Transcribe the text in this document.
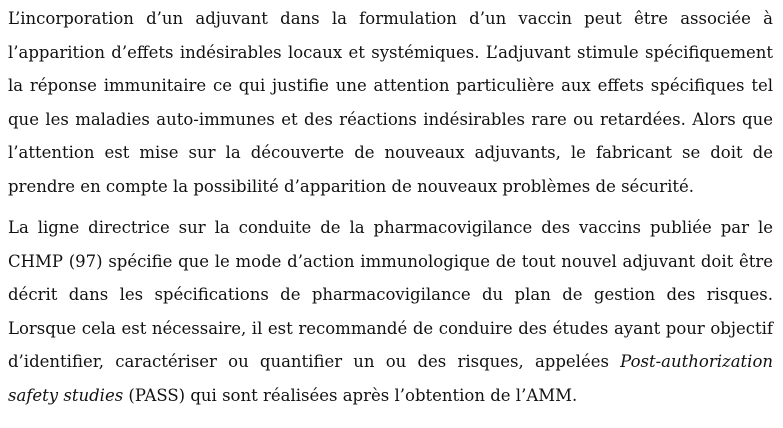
L’incorporation d’un adjuvant dans la formulation d’un vaccin peut être associée à l’apparition d’effets indésirables locaux et systémiques. L’adjuvant stimule spécifiquement la réponse immunitaire ce qui justifie une attention particulière aux effets spécifiques tel que les maladies auto-immunes et des réactions indésirables rare ou retardées. Alors que l’attention est mise sur la découverte de nouveaux adjuvants, le fabricant se doit de prendre en compte la possibilité d’apparition de nouveaux problèmes de sécurité.

La ligne directrice sur la conduite de la pharmacovigilance des vaccins publiée par le CHMP (97) spécifie que le mode d’action immunologique de tout nouvel adjuvant doit être décrit dans les spécifications de pharmacovigilance du plan de gestion des risques. Lorsque cela est nécessaire, il est recommandé de conduire des études ayant pour objectif d’identifier, caractériser ou quantifier un ou des risques, appelées Post-authorization safety studies (PASS) qui sont réalisées après l’obtention de l’AMM.
